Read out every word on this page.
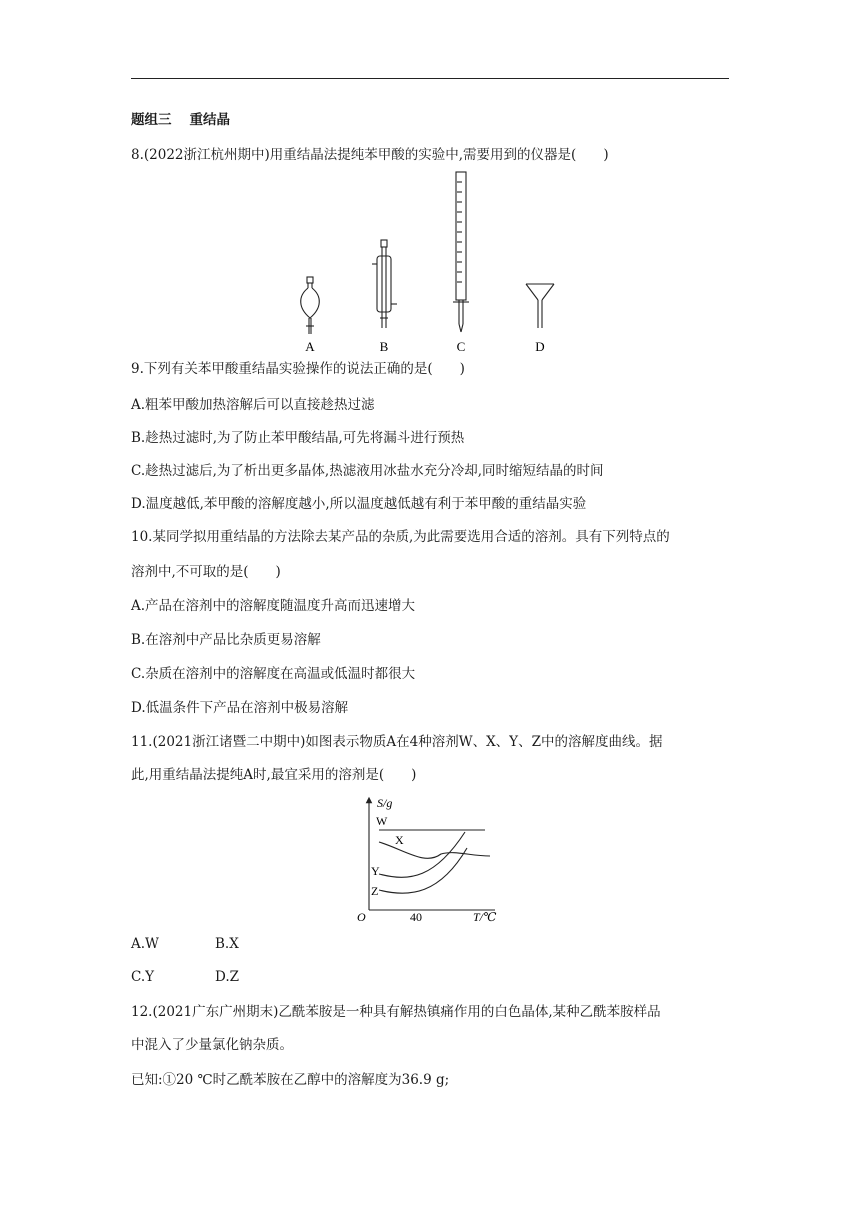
题组三 重结晶
8.(2022浙江杭州期中)用重结晶法提纯苯甲酸的实验中,需要用到的仪器是(　　)
A	B	C	D
9.下列有关苯甲酸重结晶实验操作的说法正确的是(　　)
A.粗苯甲酸加热溶解后可以直接趁热过滤
B.趁热过滤时,为了防止苯甲酸结晶,可先将漏斗进行预热
C.趁热过滤后,为了析出更多晶体,热滤液用冰盐水充分冷却,同时缩短结晶的时间
D.温度越低,苯甲酸的溶解度越小,所以温度越低越有利于苯甲酸的重结晶实验
10.某同学拟用重结晶的方法除去某产品的杂质,为此需要选用合适的溶剂。具有下列特点的
溶剂中,不可取的是(　　)
A.产品在溶剂中的溶解度随温度升高而迅速增大
B.在溶剂中产品比杂质更易溶解
C.杂质在溶剂中的溶解度在高温或低温时都很大
D.低温条件下产品在溶剂中极易溶解
11.(2021浙江诸暨二中期中)如图表示物质A在4种溶剂W、X、Y、Z中的溶解度曲线。据
此,用重结晶法提纯A时,最宜采用的溶剂是(　　)
S/g
O	40	T/℃
W
X
Y
Z
A.W	B.X
C.Y	D.Z
12.(2021广东广州期末)乙酰苯胺是一种具有解热镇痛作用的白色晶体,某种乙酰苯胺样品
中混入了少量氯化钠杂质。
已知:①20 ℃时乙酰苯胺在乙醇中的溶解度为36.9 g;
